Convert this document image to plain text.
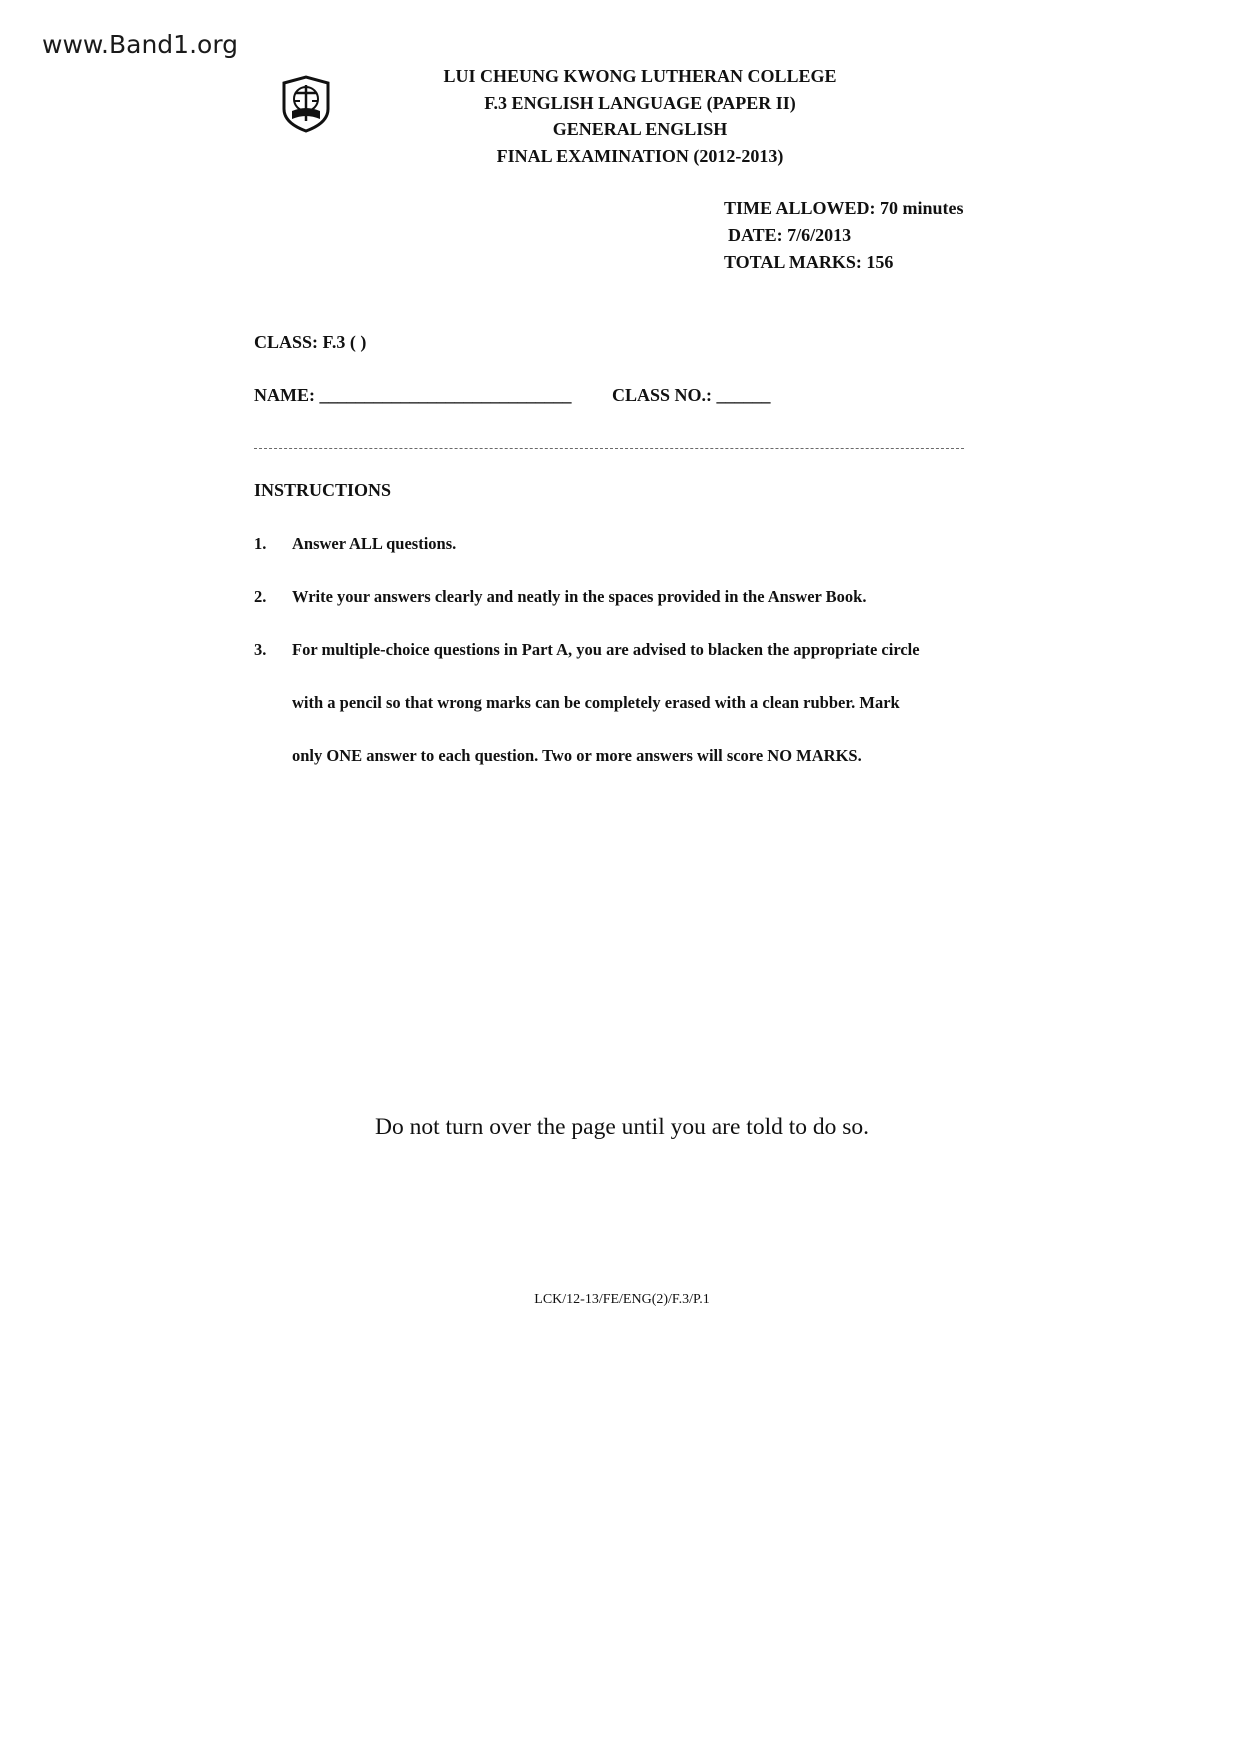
www.Band1.org
LUI CHEUNG KWONG LUTHERAN COLLEGE
F.3 ENGLISH LANGUAGE (PAPER II)
GENERAL ENGLISH
FINAL EXAMINATION (2012-2013)
TIME ALLOWED: 70 minutes
DATE: 7/6/2013
TOTAL MARKS: 156
CLASS: F.3 ( )
NAME: ____________________________ CLASS NO.: ______
INSTRUCTIONS
1. Answer ALL questions.
2. Write your answers clearly and neatly in the spaces provided in the Answer Book.
3. For multiple-choice questions in Part A, you are advised to blacken the appropriate circle
with a pencil so that wrong marks can be completely erased with a clean rubber. Mark
only ONE answer to each question. Two or more answers will score NO MARKS.
Do not turn over the page until you are told to do so.
LCK/12-13/FE/ENG(2)/F.3/P.1
